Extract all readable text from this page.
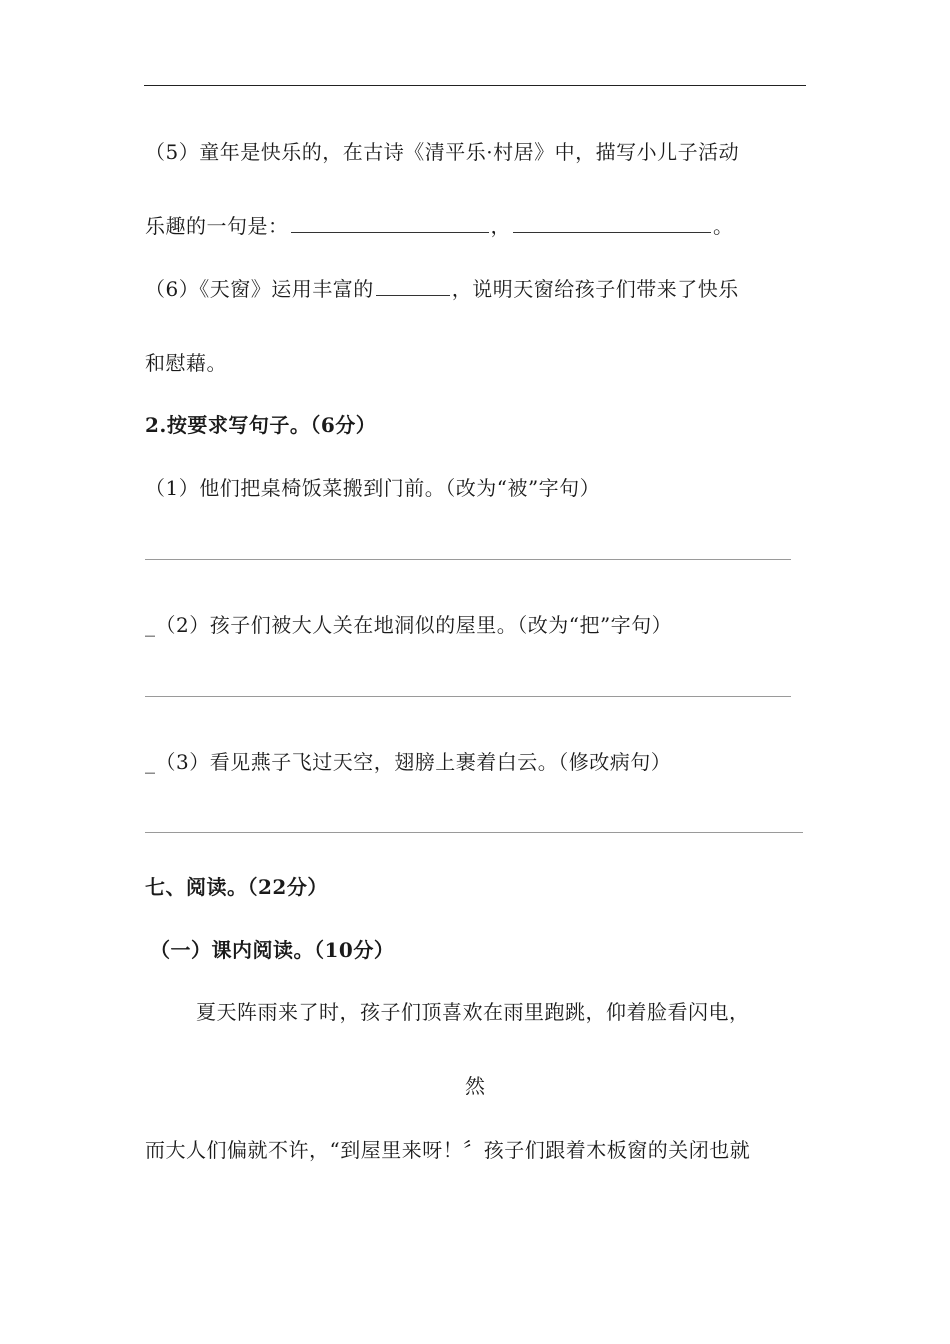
（5）童年是快乐的，在古诗《清平乐·村居》中，描写小儿子活动
乐趣的一句是：	，	。
（6）《天窗》运用丰富的	，说明天窗给孩子们带来了快乐
和慰藉。
2.按要求写句子。（6分）
（1）他们把桌椅饭菜搬到门前。（改为“被”字句）
_（2）孩子们被大人关在地洞似的屋里。（改为“把”字句）
_（3）看见燕子飞过天空，翅膀上裹着白云。（修改病句）
七、阅读。（22分）
（一）课内阅读。（10分）
夏天阵雨来了时，孩子们顶喜欢在雨里跑跳，仰着脸看闪电，
然
而大人们偏就不许，“到屋里来呀！〞孩子们跟着木板窗的关闭也就
